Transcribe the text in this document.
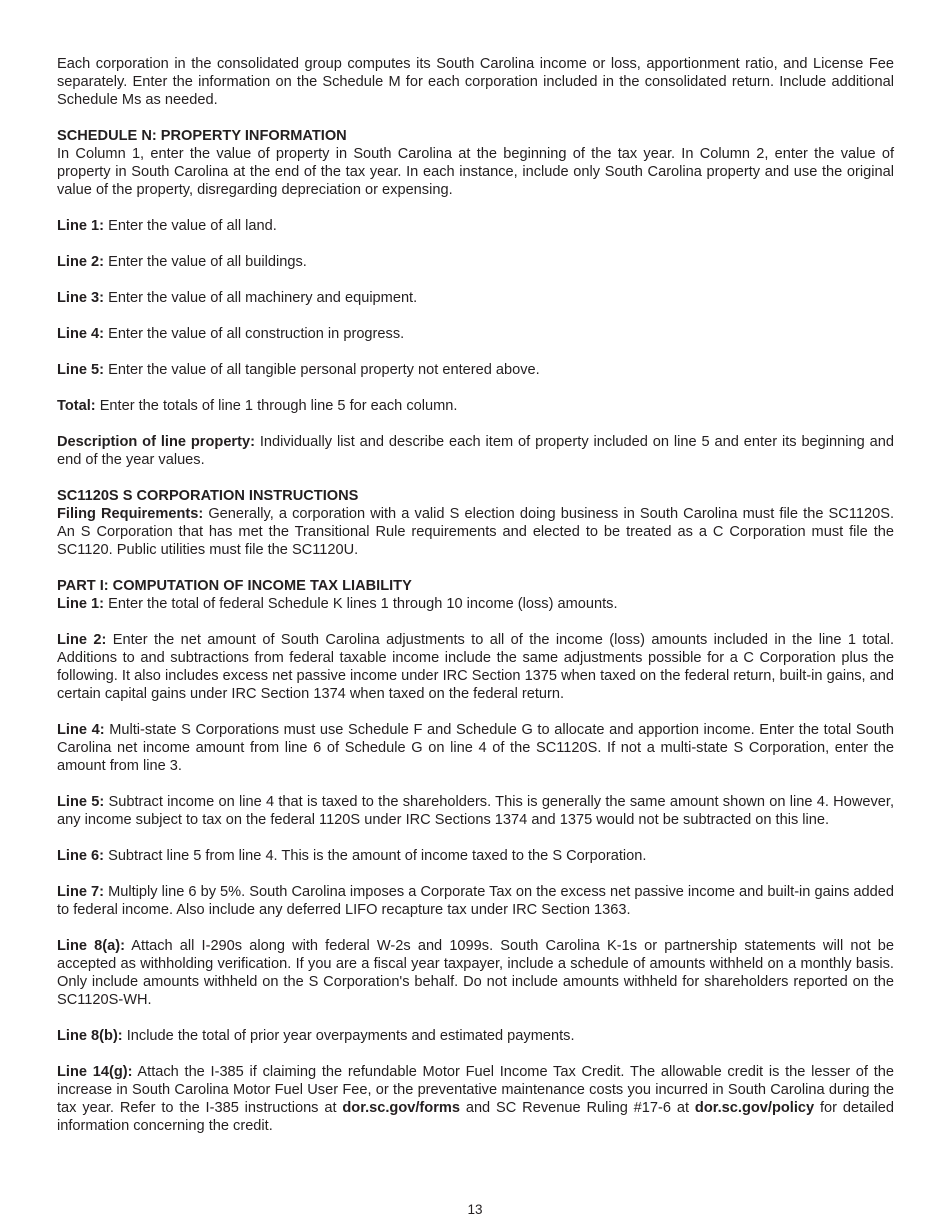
Each corporation in the consolidated group computes its South Carolina income or loss, apportionment ratio, and License Fee separately. Enter the information on the Schedule M for each corporation included in the consolidated return. Include additional Schedule Ms as needed.

SCHEDULE N: PROPERTY INFORMATION

In Column 1, enter the value of property in South Carolina at the beginning of the tax year. In Column 2, enter the value of property in South Carolina at the end of the tax year. In each instance, include only South Carolina property and use the original value of the property, disregarding depreciation or expensing.

Line 1: Enter the value of all land.

Line 2: Enter the value of all buildings.

Line 3: Enter the value of all machinery and equipment.

Line 4: Enter the value of all construction in progress.

Line 5: Enter the value of all tangible personal property not entered above.

Total: Enter the totals of line 1 through line 5 for each column.

Description of line property: Individually list and describe each item of property included on line 5 and enter its beginning and end of the year values.

SC1120S S CORPORATION INSTRUCTIONS

Filing Requirements: Generally, a corporation with a valid S election doing business in South Carolina must file the SC1120S. An S Corporation that has met the Transitional Rule requirements and elected to be treated as a C Corporation must file the SC1120. Public utilities must file the SC1120U.

PART I: COMPUTATION OF INCOME TAX LIABILITY

Line 1: Enter the total of federal Schedule K lines 1 through 10 income (loss) amounts.

Line 2: Enter the net amount of South Carolina adjustments to all of the income (loss) amounts included in the line 1 total. Additions to and subtractions from federal taxable income include the same adjustments possible for a C Corporation plus the following. It also includes excess net passive income under IRC Section 1375 when taxed on the federal return, built-in gains, and certain capital gains under IRC Section 1374 when taxed on the federal return.

Line 4: Multi-state S Corporations must use Schedule F and Schedule G to allocate and apportion income. Enter the total South Carolina net income amount from line 6 of Schedule G on line 4 of the SC1120S. If not a multi-state S Corporation, enter the amount from line 3.

Line 5: Subtract income on line 4 that is taxed to the shareholders. This is generally the same amount shown on line 4. However, any income subject to tax on the federal 1120S under IRC Sections 1374 and 1375 would not be subtracted on this line.

Line 6: Subtract line 5 from line 4. This is the amount of income taxed to the S Corporation.

Line 7: Multiply line 6 by 5%. South Carolina imposes a Corporate Tax on the excess net passive income and built-in gains added to federal income. Also include any deferred LIFO recapture tax under IRC Section 1363.

Line 8(a): Attach all I-290s along with federal W-2s and 1099s. South Carolina K-1s or partnership statements will not be accepted as withholding verification. If you are a fiscal year taxpayer, include a schedule of amounts withheld on a monthly basis. Only include amounts withheld on the S Corporation's behalf. Do not include amounts withheld for shareholders reported on the SC1120S-WH.

Line 8(b): Include the total of prior year overpayments and estimated payments.

Line 14(g): Attach the I-385 if claiming the refundable Motor Fuel Income Tax Credit. The allowable credit is the lesser of the increase in South Carolina Motor Fuel User Fee, or the preventative maintenance costs you incurred in South Carolina during the tax year. Refer to the I-385 instructions at dor.sc.gov/forms and SC Revenue Ruling #17-6 at dor.sc.gov/policy for detailed information concerning the credit.

13
